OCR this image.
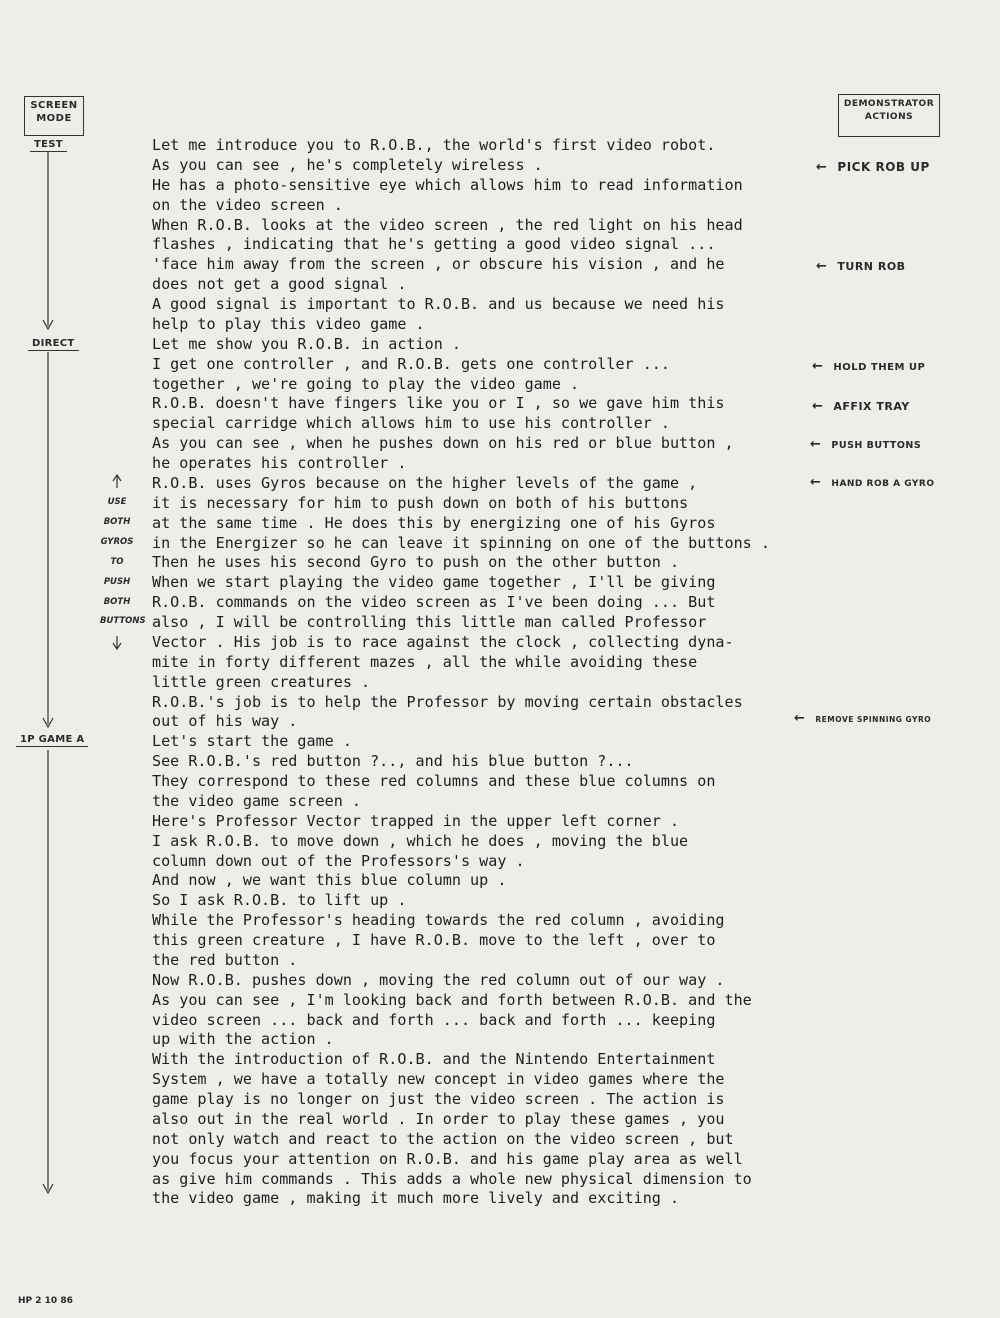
SCREEN
MODE
DEMONSTRATOR
ACTIONS
TEST
DIRECT
1P GAME A
USE
BOTH
GYROS
TO
PUSH
BOTH
BUTTONS
← PICK ROB UP
← TURN ROB
← HOLD THEM UP
← AFFIX TRAY
← PUSH BUTTONS
← HAND ROB A GYRO
← REMOVE SPINNING GYRO
Let me introduce you to R.O.B., the world's first video robot.
As you can see , he's completely wireless .
He has a photo-sensitive eye which allows him to read information
on the video screen .
When R.O.B. looks at the video screen , the red light on his head
flashes , indicating that he's getting a good video signal ...
'face him away from the screen , or obscure his vision , and he
does not get a good signal .
A good signal is important to R.O.B. and us because we need his
help to play this video game .
Let me show you R.O.B. in action .
I get one controller , and R.O.B. gets one controller ...
together , we're going to play the video game .
R.O.B. doesn't have fingers like you or I , so we gave him this
special carridge which allows him to use his controller .
As you can see , when he pushes down on his red or blue button ,
he operates his controller .
R.O.B. uses Gyros because on the higher levels of the game ,
it is necessary for him to push down on both of his buttons
at the same time . He does this by energizing one of his Gyros
in the Energizer so he can leave it spinning on one of the buttons .
Then he uses his second Gyro to push on the other button .
When we start playing the video game together , I'll be giving
R.O.B. commands on the video screen as I've been doing ... But
also , I will be controlling this little man called Professor
Vector . His job is to race against the clock , collecting dyna-
mite in forty different mazes , all the while avoiding these
little green creatures .
R.O.B.'s job is to help the Professor by moving certain obstacles
out of his way .
Let's start the game .
See R.O.B.'s red button ?.., and his blue button ?...
They correspond to these red columns and these blue columns on
the video game screen .
Here's Professor Vector trapped in the upper left corner .
I ask R.O.B. to move down , which he does , moving the blue
column down out of the Professors's way .
And now , we want this blue column up .
So I ask R.O.B. to lift up .
While the Professor's heading towards the red column , avoiding
this green creature , I have R.O.B. move to the left , over to
the red button .
Now R.O.B. pushes down , moving the red column out of our way .
As you can see , I'm looking back and forth between R.O.B. and the
video screen ... back and forth ... back and forth ... keeping
up with the action .
With the introduction of R.O.B. and the Nintendo Entertainment
System , we have a totally new concept in video games where the
game play is no longer on just the video screen . The action is
also out in the real world . In order to play these games , you
not only watch and react to the action on the video screen , but
you focus your attention on R.O.B. and his game play area as well
as give him commands . This adds a whole new physical dimension to
the video game , making it much more lively and exciting .
HP 2 10 86
